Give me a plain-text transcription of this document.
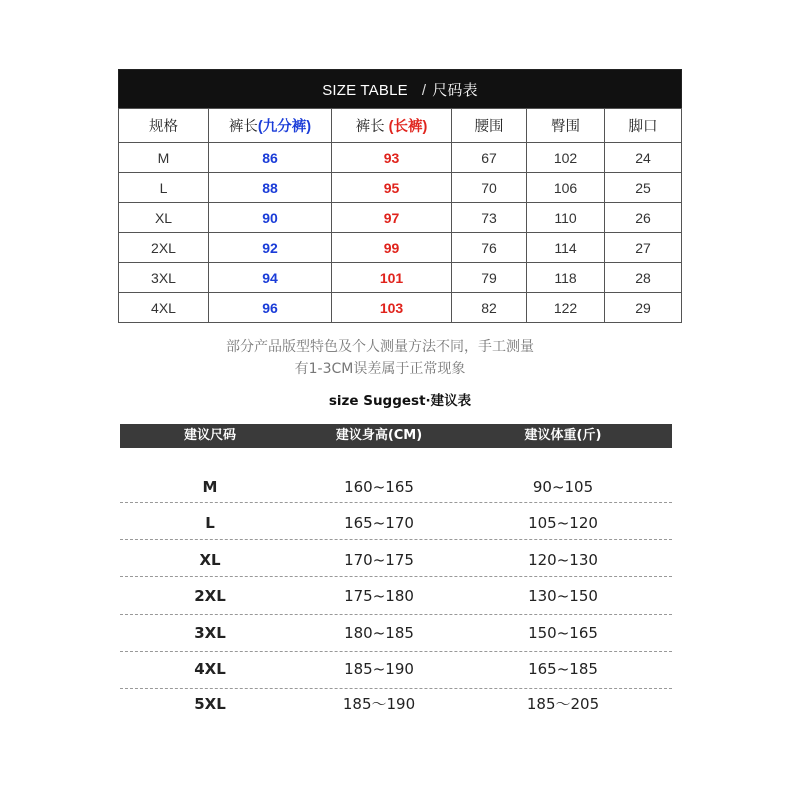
SIZE TABLE / 尺码表					
规格	裤长(九分裤)	裤长 (长裤)	腰围	臀围	脚口
M	86	93	67	102	24
L	88	95	70	106	25
XL	90	97	73	110	26
2XL	92	99	76	114	27
3XL	94	101	79	118	28
4XL	96	103	82	122	29
部分产品版型特色及个人测量方法不同，手工测量
有1-3CM误差属于正常现象
size Suggest·建议表
建议尺码	建议身高(CM)	建议体重(斤)
M	160~165	90~105
L	165~170	105~120
XL	170~175	120~130
2XL	175~180	130~150
3XL	180~185	150~165
4XL	185~190	165~185
5XL	185～190	185～205
